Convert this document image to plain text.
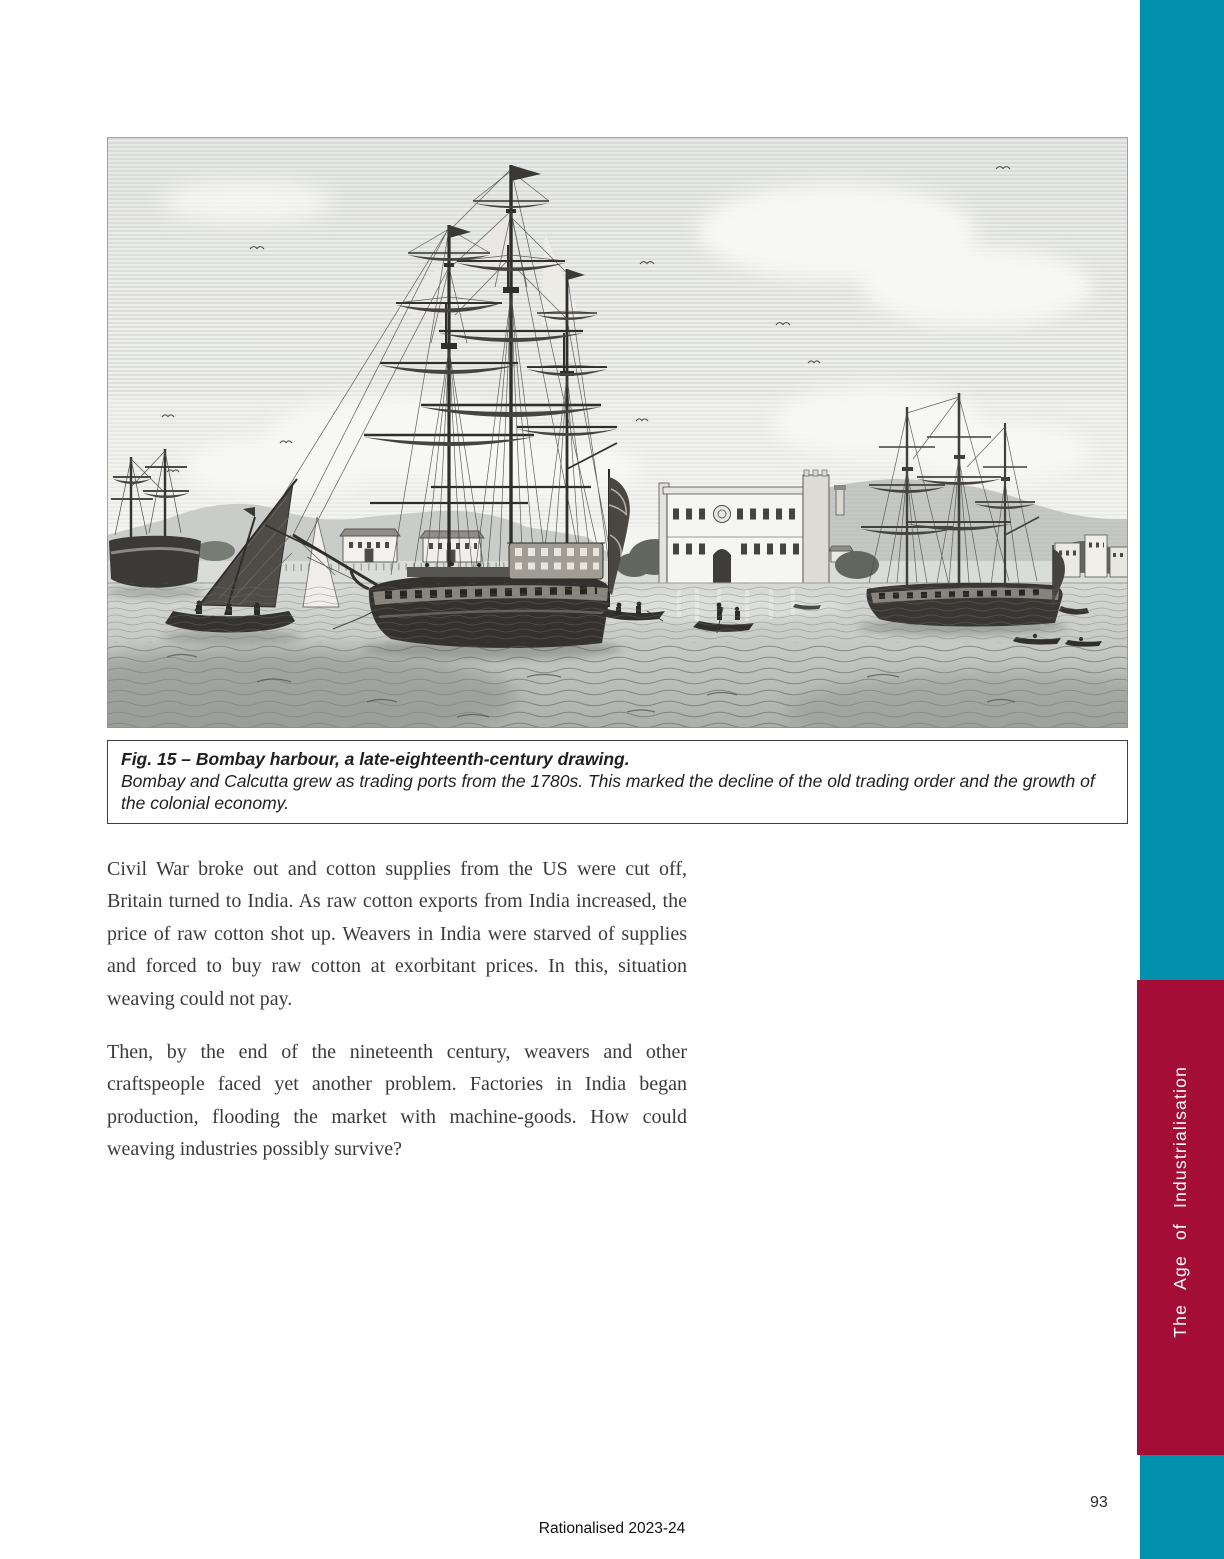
Fig. 15 – Bombay harbour, a late-eighteenth-century drawing.
Bombay and Calcutta grew as trading ports from the 1780s. This marked the decline of the old trading order and the growth of the colonial economy.

Civil War broke out and cotton supplies from the US were cut off, Britain turned to India. As raw cotton exports from India increased, the price of raw cotton shot up. Weavers in India were starved of supplies and forced to buy raw cotton at exorbitant prices. In this, situation weaving could not pay.

Then, by the end of the nineteenth century, weavers and other craftspeople faced yet another problem. Factories in India began production, flooding the market with machine-goods. How could weaving industries possibly survive?	The Age of Industrialisation
93
Rationalised 2023-24
